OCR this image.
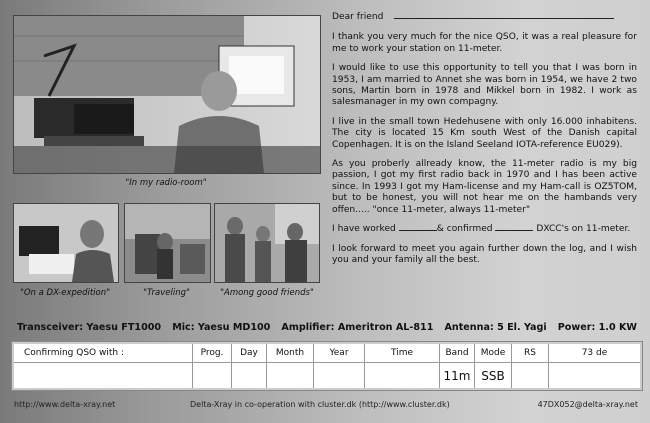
"In my radio-room"
"On a DX-expedition"	"Traveling"	"Among good friends"

Dear friend

I thank you very much for the nice QSO, it was a real pleasure for me to work your station on 11-meter.

I would like to use this opportunity to tell you that I was born in 1953, I am married to Annet she was born in 1954, we have 2 two sons, Martin born in 1978 and Mikkel born in 1982. I work as salesmanager in my own compagny.

I live in the small town Hedehusene with only 16.000 inhabitens. The city is located 15 Km south West of the Danish capital Copenhagen. It is on the Island Seeland IOTA-reference EU029).

As you proberly allready know, the 11-meter radio is my big passion, I got my first radio back in 1970 and I has been active since. In 1993 I got my Ham-license and my Ham-call is OZ5TOM, but to be honest, you will not hear me on the hambands very offen..... "once 11-meter, always 11-meter"

I have worked	& confirmed	DXCC's on 11-meter.

I look forward to meet you again further down the log, and I wish you and your family all the best.

Transceiver: Yaesu FT1000 Mic: Yaesu MD100 Amplifier: Ameritron AL-811 Antenna: 5 El. Yagi Power: 1.0 KW
Confirming QSO with :	Prog.	Day	Month	Year	Time	Band	Mode	RS	73 de
						11m	SSB		
http://www.delta-xray.net	Delta-Xray in co-operation with cluster.dk (http://www.cluster.dk)	47DX052@delta-xray.net
